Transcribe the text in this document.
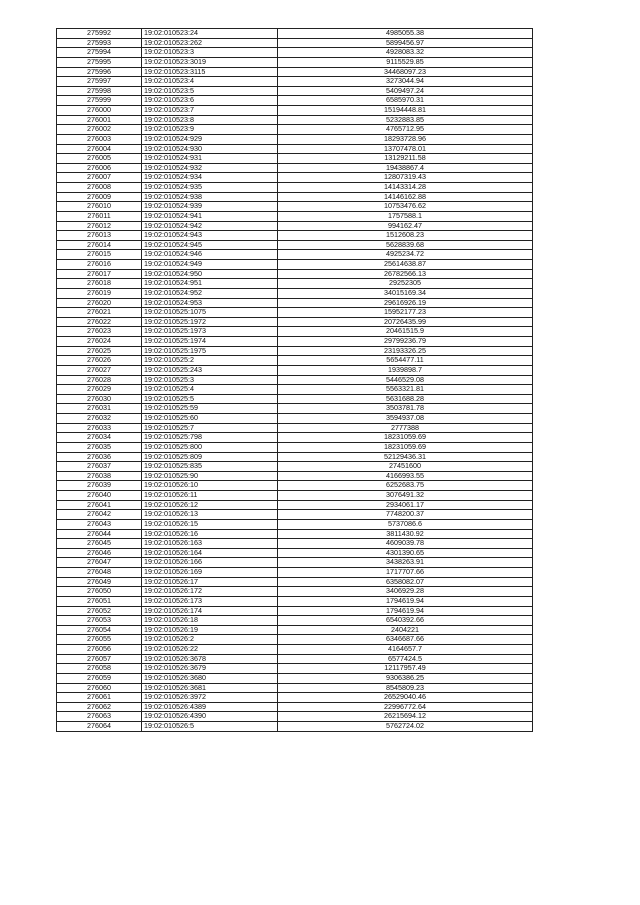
275992	19:02:010523:24	4985055.38
275993	19:02:010523:262	5899456.97
275994	19:02:010523:3	4928083.32
275995	19:02:010523:3019	9115529.85
275996	19:02:010523:3115	34468097.23
275997	19:02:010523:4	3273044.94
275998	19:02:010523:5	5409497.24
275999	19:02:010523:6	6585970.31
276000	19:02:010523:7	15194448.81
276001	19:02:010523:8	5232883.85
276002	19:02:010523:9	4765712.95
276003	19:02:010524:929	18293728.96
276004	19:02:010524:930	13707478.01
276005	19:02:010524:931	13129211.58
276006	19:02:010524:932	19438867.4
276007	19:02:010524:934	12807319.43
276008	19:02:010524:935	14143314.28
276009	19:02:010524:938	14146162.88
276010	19:02:010524:939	10753476.62
276011	19:02:010524:941	1757588.1
276012	19:02:010524:942	994162.47
276013	19:02:010524:943	1512608.23
276014	19:02:010524:945	5628839.68
276015	19:02:010524:946	4925234.72
276016	19:02:010524:949	25614638.87
276017	19:02:010524:950	26782566.13
276018	19:02:010524:951	29252305
276019	19:02:010524:952	34015169.34
276020	19:02:010524:953	29616926.19
276021	19:02:010525:1075	15952177.23
276022	19:02:010525:1972	20726435.99
276023	19:02:010525:1973	20461515.9
276024	19:02:010525:1974	29799236.79
276025	19:02:010525:1975	23193326.25
276026	19:02:010525:2	5654477.11
276027	19:02:010525:243	1939898.7
276028	19:02:010525:3	5446529.08
276029	19:02:010525:4	5563321.81
276030	19:02:010525:5	5631688.28
276031	19:02:010525:59	3503781.78
276032	19:02:010525:60	3594937.08
276033	19:02:010525:7	2777388
276034	19:02:010525:798	18231059.69
276035	19:02:010525:800	18231059.69
276036	19:02:010525:809	52129436.31
276037	19:02:010525:835	27451600
276038	19:02:010525:90	4166993.55
276039	19:02:010526:10	6252683.75
276040	19:02:010526:11	3076491.32
276041	19:02:010526:12	2934061.17
276042	19:02:010526:13	7748200.37
276043	19:02:010526:15	5737086.6
276044	19:02:010526:16	3811430.92
276045	19:02:010526:163	4609039.78
276046	19:02:010526:164	4301390.65
276047	19:02:010526:166	3438263.91
276048	19:02:010526:169	1717707.66
276049	19:02:010526:17	6358082.07
276050	19:02:010526:172	3406929.28
276051	19:02:010526:173	1794619.94
276052	19:02:010526:174	1794619.94
276053	19:02:010526:18	6540392.66
276054	19:02:010526:19	2404221
276055	19:02:010526:2	6346687.66
276056	19:02:010526:22	4164657.7
276057	19:02:010526:3678	6577424.5
276058	19:02:010526:3679	12117957.49
276059	19:02:010526:3680	9306386.25
276060	19:02:010526:3681	8545809.23
276061	19:02:010526:3972	26529040.46
276062	19:02:010526:4389	22996772.64
276063	19:02:010526:4390	26215694.12
276064	19:02:010526:5	5762724.02
